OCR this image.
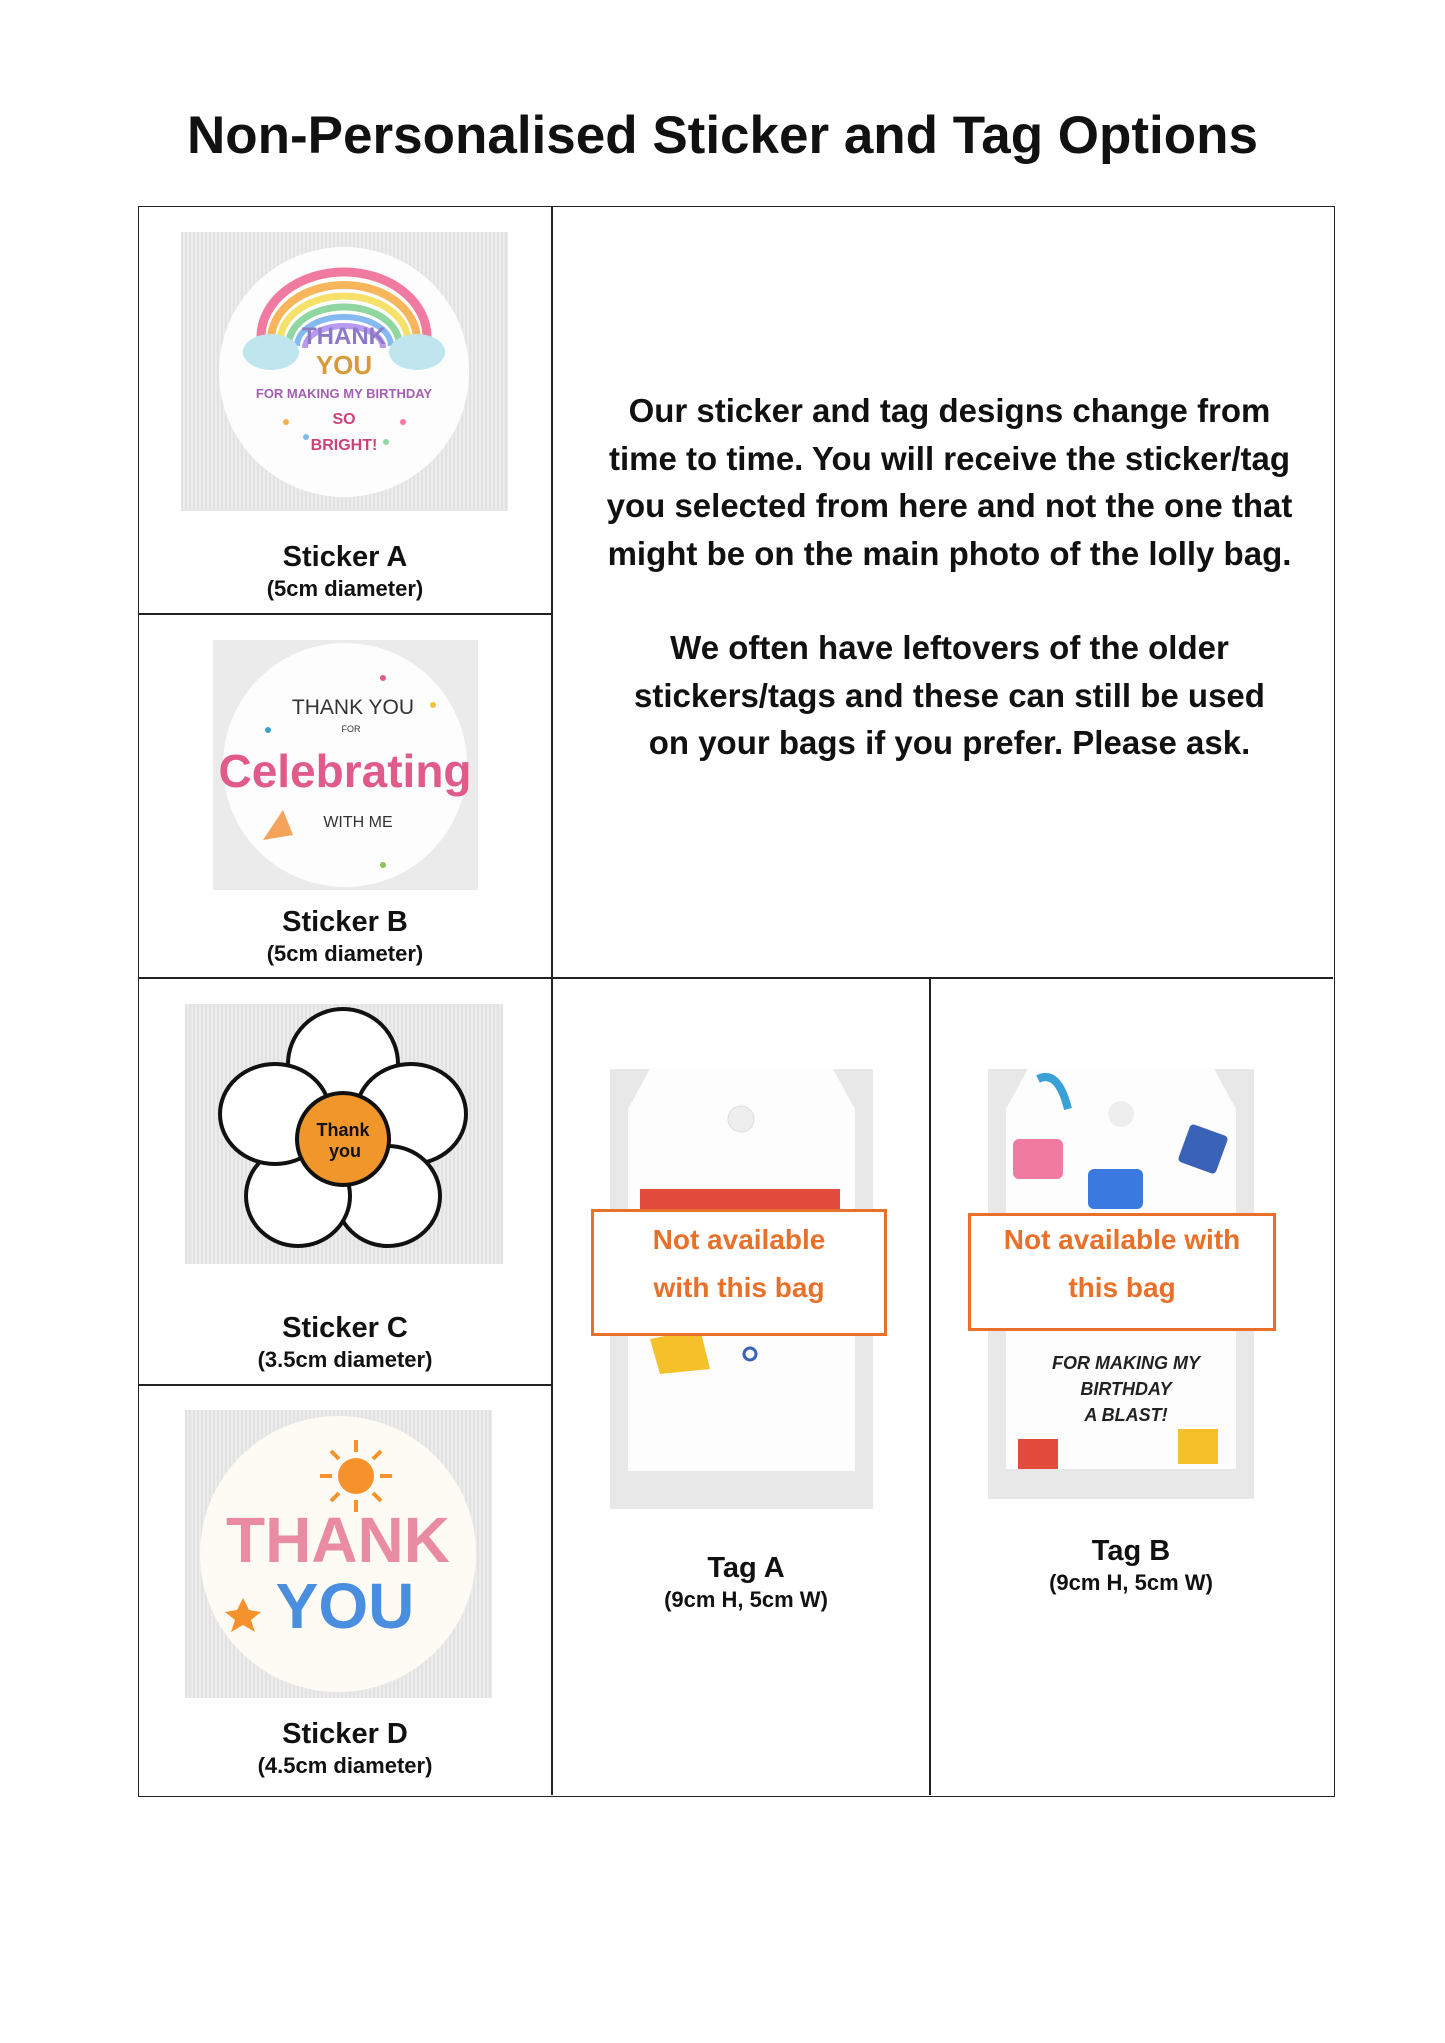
Non-Personalised Sticker and Tag Options
THANK
YOU
FOR MAKING MY BIRTHDAY
SO
BRIGHT!
Sticker A
(5cm diameter)
THANK YOU
FOR
Celebrating
WITH ME
Sticker B
(5cm diameter)

Our sticker and tag designs change from time to time. You will receive the sticker/tag you selected from here and not the one that might be on the main photo of the lolly bag.

We often have leftovers of the older stickers/tags and these can still be used on your bags if you prefer. Please ask.

Thank
you
Sticker C
(3.5cm diameter)
THANK
YOU
Sticker D
(4.5cm diameter)
Not available
with this bag
Tag A
(9cm H, 5cm W)
FOR MAKING MY
BIRTHDAY
A BLAST!
Not available with
this bag
Tag B
(9cm H, 5cm W)
